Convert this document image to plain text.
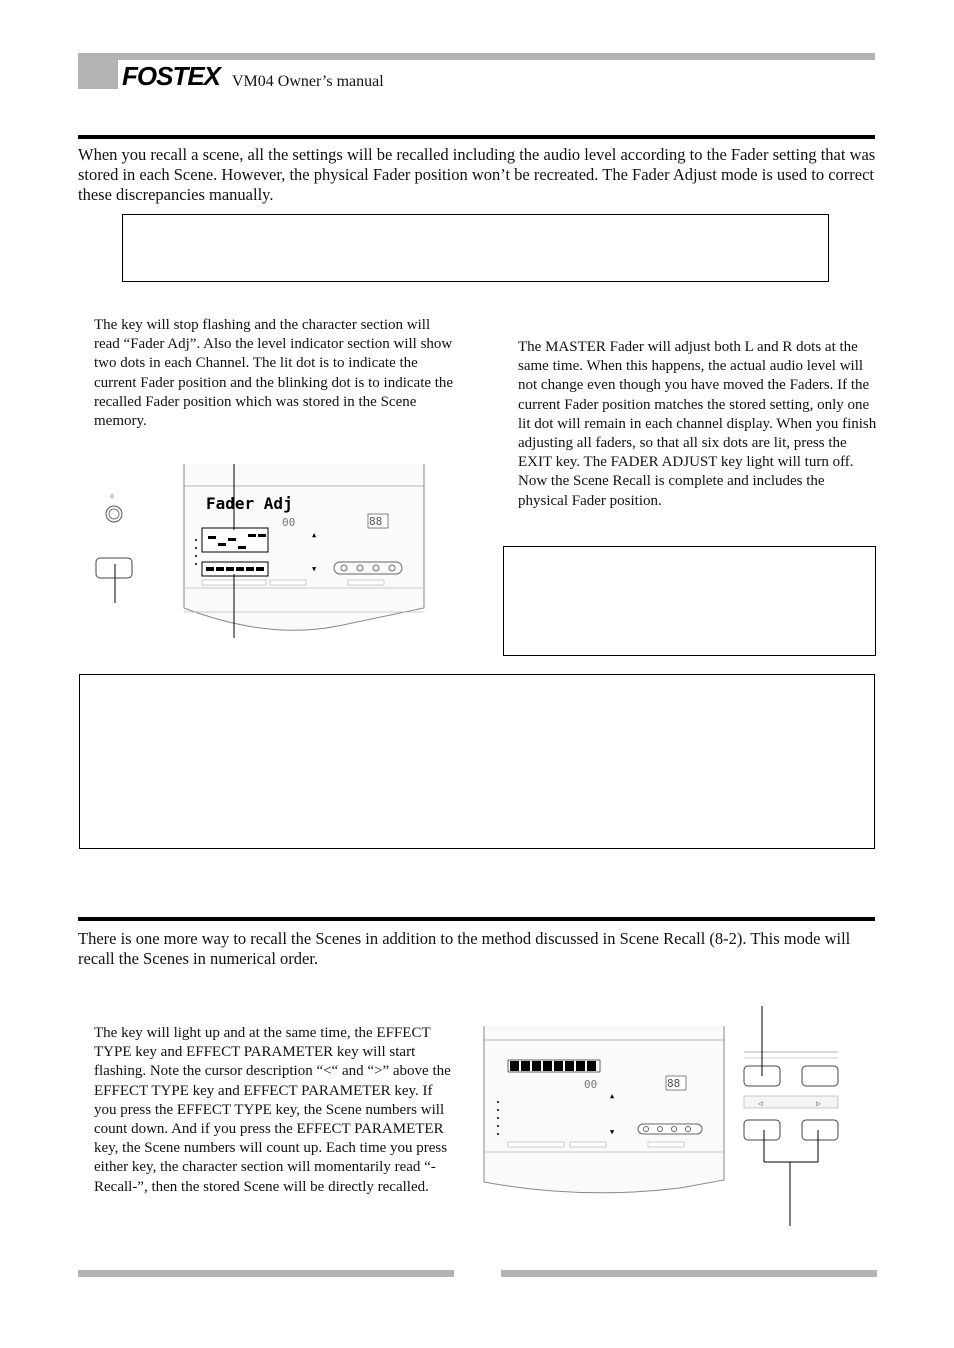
FOSTEX VM04 Owner’s manual
When you recall a scene, all the settings will be recalled including the audio level according to the Fader setting that was stored in each Scene. However, the physical Fader position won’t be recreated. The Fader Adjust mode is used to correct these discrepancies manually.
The key will stop flashing and the character section will read “Fader Adj”. Also the level indicator section will show two dots in each Channel. The lit dot is to indicate the current Fader position and the blinking dot is to indicate the recalled Fader position which was stored in the Scene memory.
The MASTER Fader will adjust both L and R dots at the same time. When this happens, the actual audio level will not change even though you have moved the Faders. If the current Fader position matches the stored setting, only one lit dot will remain in each channel display. When you finish adjusting all faders, so that all six dots are lit, press the EXIT key. The FADER ADJUST key light will turn off. Now the Scene Recall is complete and includes the physical Fader position.
◎	Fader Adj
00	88
▲
▼
There is one more way to recall the Scenes in addition to the method discussed in Scene Recall (8-2). This mode will recall the Scenes in numerical order.
The key will light up and at the same time, the EFFECT TYPE key and EFFECT PARAMETER key will start flashing. Note the cursor description “<“ and “>” above the EFFECT TYPE key and EFFECT PARAMETER key. If you press the EFFECT TYPE key, the Scene numbers will count down. And if you press the EFFECT PARAMETER key, the Scene numbers will count up. Each time you press either key, the character section will momentarily read “-Recall-”, then the stored Scene will be directly recalled.
00	88
▲
▼
◁	▷
